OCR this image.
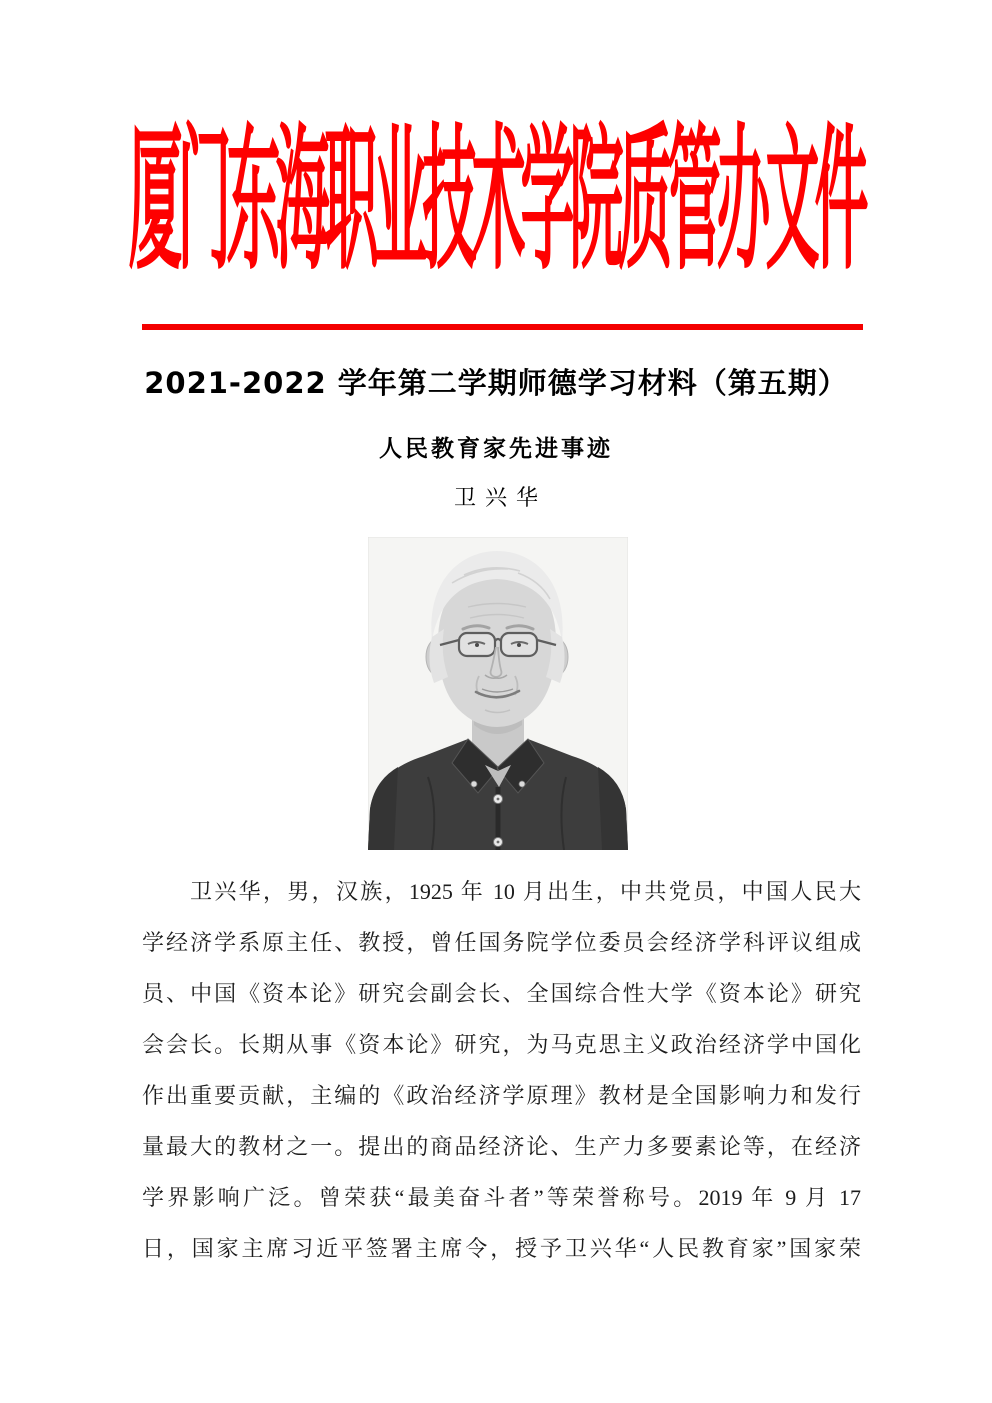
厦门东海职业技术学院质管办文件
2021-2022 学年第二学期师德学习材料（第五期）
人民教育家先进事迹
卫兴华
卫兴华，男，汉族，1925 年 10 月出生，中共党员，中国人民大
学经济学系原主任、教授，曾任国务院学位委员会经济学科评议组成
员、中国《资本论》研究会副会长、全国综合性大学《资本论》研究
会会长。长期从事《资本论》研究，为马克思主义政治经济学中国化
作出重要贡献，主编的《政治经济学原理》教材是全国影响力和发行
量最大的教材之一。提出的商品经济论、生产力多要素论等，在经济
学界影响广泛。曾荣获“最美奋斗者”等荣誉称号。2019 年 9 月 17
日，国家主席习近平签署主席令，授予卫兴华“人民教育家”国家荣
